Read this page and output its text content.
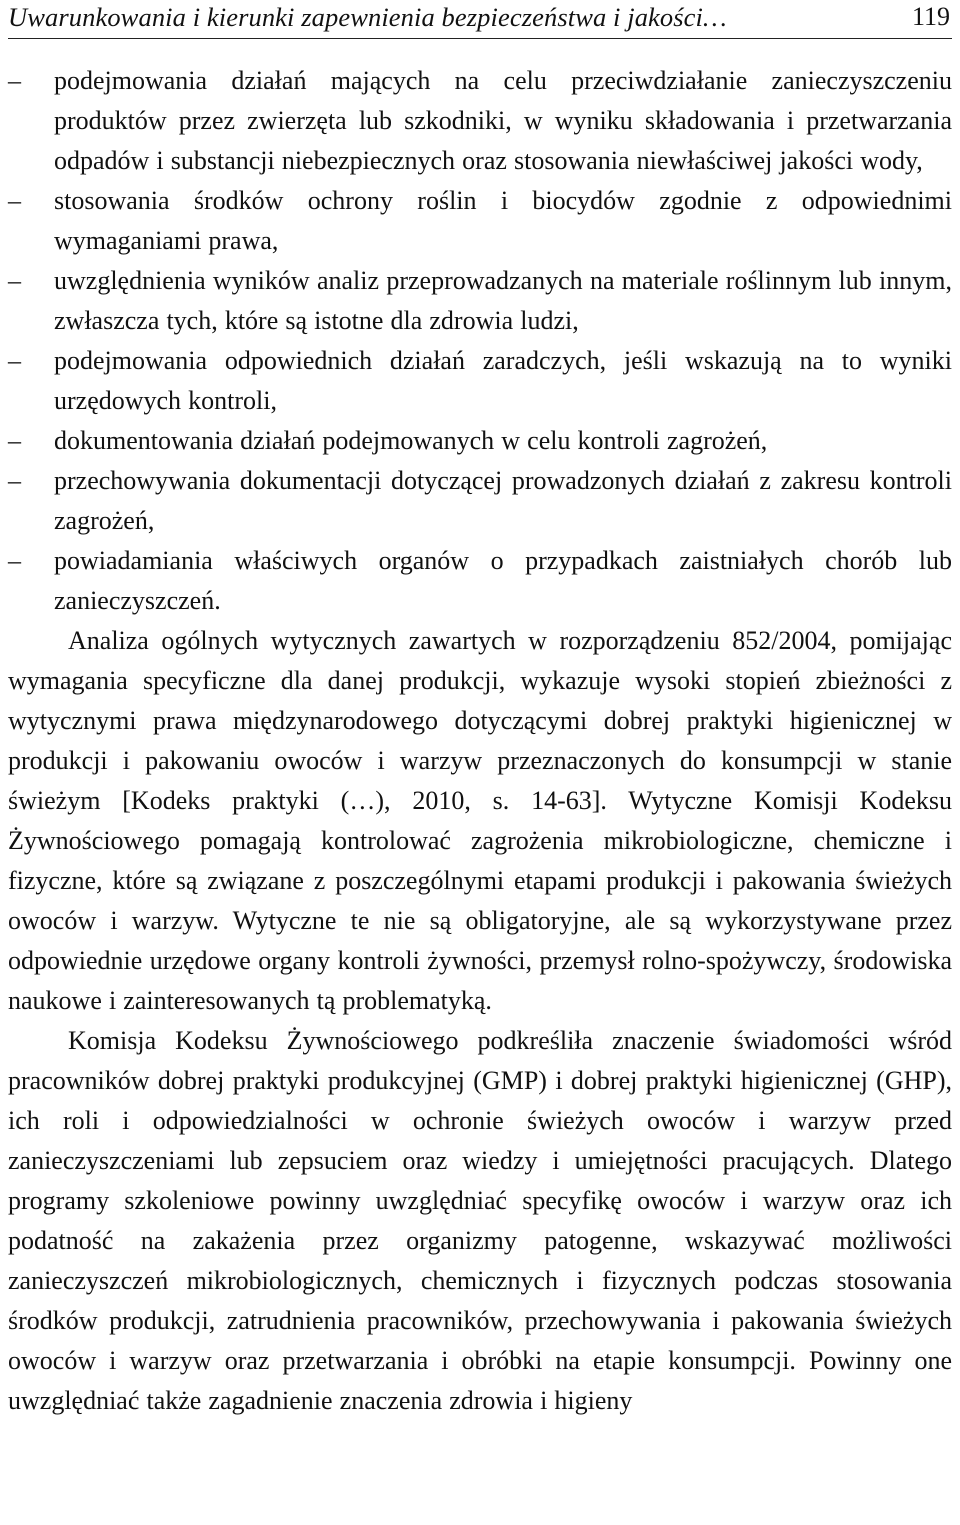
Uwarunkowania i kierunki zapewnienia bezpieczeństwa i jakości…	119
–	podejmowania działań mających na celu przeciwdziałanie zanieczyszczeniu produktów przez zwierzęta lub szkodniki, w wyniku składowania i przetwarzania odpadów i substancji niebezpiecznych oraz stosowania niewłaściwej jakości wody,
–	stosowania środków ochrony roślin i biocydów zgodnie z odpowiednimi wymaganiami prawa,
–	uwzględnienia wyników analiz przeprowadzanych na materiale roślinnym lub innym, zwłaszcza tych, które są istotne dla zdrowia ludzi,
–	podejmowania odpowiednich działań zaradczych, jeśli wskazują na to wyniki urzędowych kontroli,
–	dokumentowania działań podejmowanych w celu kontroli zagrożeń,
–	przechowywania dokumentacji dotyczącej prowadzonych działań z zakresu kontroli zagrożeń,
–	powiadamiania właściwych organów o przypadkach zaistniałych chorób lub zanieczyszczeń.

Analiza ogólnych wytycznych zawartych w rozporządzeniu 852/2004, pomijając wymagania specyficzne dla danej produkcji, wykazuje wysoki stopień zbieżności z wytycznymi prawa międzynarodowego dotyczącymi dobrej praktyki higienicznej w produkcji i pakowaniu owoców i warzyw przeznaczonych do konsumpcji w stanie świeżym [Kodeks praktyki (…), 2010, s. 14-63]. Wytyczne Komisji Kodeksu Żywnościowego pomagają kontrolować zagrożenia mikrobiologiczne, chemiczne i fizyczne, które są związane z poszczególnymi etapami produkcji i pakowania świeżych owoców i warzyw. Wytyczne te nie są obligatoryjne, ale są wykorzystywane przez odpowiednie urzędowe organy kontroli żywności, przemysł rolno-spożywczy, środowiska naukowe i zainteresowanych tą problematyką.

Komisja Kodeksu Żywnościowego podkreśliła znaczenie świadomości wśród pracowników dobrej praktyki produkcyjnej (GMP) i dobrej praktyki higienicznej (GHP), ich roli i odpowiedzialności w ochronie świeżych owoców i warzyw przed zanieczyszczeniami lub zepsuciem oraz wiedzy i umiejętności pracujących. Dlatego programy szkoleniowe powinny uwzględniać specyfikę owoców i warzyw oraz ich podatność na zakażenia przez organizmy patogenne, wskazywać możliwości zanieczyszczeń mikrobiologicznych, chemicznych i fizycznych podczas stosowania środków produkcji, zatrudnienia pracowników, przechowywania i pakowania świeżych owoców i warzyw oraz przetwarzania i obróbki na etapie konsumpcji. Powinny one uwzględniać także zagadnienie znaczenia zdrowia i higieny
